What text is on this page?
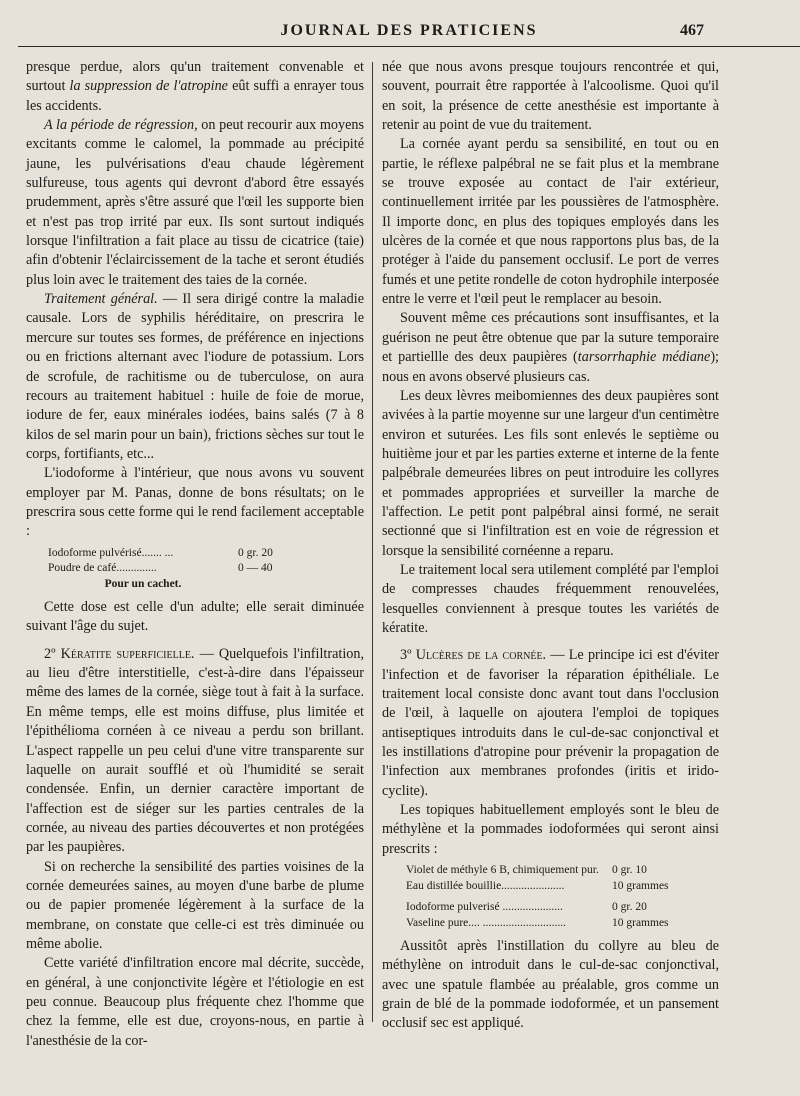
JOURNAL DES PRATICIENS	467

presque perdue, alors qu'un traitement convenable et surtout la suppression de l'atropine eût suffi a enrayer tous les accidents.

A la période de régression, on peut recourir aux moyens excitants comme le calomel, la pommade au précipité jaune, les pulvérisations d'eau chaude légèrement sulfureuse, tous agents qui devront d'abord être essayés prudemment, après s'être assuré que l'œil les supporte bien et n'est pas trop irrité par eux. Ils sont surtout indiqués lorsque l'infiltration a fait place au tissu de cicatrice (taie) afin d'obtenir l'éclaircissement de la tache et seront étudiés plus loin avec le traitement des taies de la cornée.

Traitement général. — Il sera dirigé contre la maladie causale. Lors de syphilis héréditaire, on prescrira le mercure sur toutes ses formes, de préférence en injections ou en frictions alternant avec l'iodure de potassium. Lors de scrofule, de rachitisme ou de tuberculose, on aura recours au traitement habituel : huile de foie de morue, iodure de fer, eaux minérales iodées, bains salés (7 à 8 kilos de sel marin pour un bain), frictions sèches sur tout le corps, fortifiants, etc...

L'iodoforme à l'intérieur, que nous avons vu souvent employer par M. Panas, donne de bons résultats; on le prescrira sous cette forme qui le rend facilement acceptable :

Iodoforme pulvérisé....... ...	0 gr. 20
Poudre de café..............	0 — 40
Pour un cachet.

Cette dose est celle d'un adulte; elle serait diminuée suivant l'âge du sujet.

2º Kératite superficielle. — Quelquefois l'infiltration, au lieu d'être interstitielle, c'est-à-dire dans l'épaisseur même des lames de la cornée, siège tout à fait à la surface. En même temps, elle est moins diffuse, plus limitée et l'épithélioma cornéen à ce niveau a perdu son brillant. L'aspect rappelle un peu celui d'une vitre transparente sur laquelle on aurait soufflé et où l'humidité se serait condensée. Enfin, un dernier caractère important de l'affection est de siéger sur les parties centrales de la cornée, au niveau des parties découvertes et non protégées par les paupières.

Si on recherche la sensibilité des parties voisines de la cornée demeurées saines, au moyen d'une barbe de plume ou de papier promenée légèrement à la surface de la membrane, on constate que celle-ci est très diminuée ou même abolie.

Cette variété d'infiltration encore mal décrite, succède, en général, à une conjonctivite légère et l'étiologie en est peu connue. Beaucoup plus fréquente chez l'homme que chez la femme, elle est due, croyons-nous, en partie à l'anesthésie de la cor-

née que nous avons presque toujours rencontrée et qui, souvent, pourrait être rapportée à l'alcoolisme. Quoi qu'il en soit, la présence de cette anesthésie est importante à retenir au point de vue du traitement.

La cornée ayant perdu sa sensibilité, en tout ou en partie, le réflexe palpébral ne se fait plus et la membrane se trouve exposée au contact de l'air extérieur, continuellement irritée par les poussières de l'atmosphère. Il importe donc, en plus des topiques employés dans les ulcères de la cornée et que nous rapportons plus bas, de la protéger à l'aide du pansement occlusif. Le port de verres fumés et une petite rondelle de coton hydrophile interposée entre le verre et l'œil peut le remplacer au besoin.

Souvent même ces précautions sont insuffisantes, et la guérison ne peut être obtenue que par la suture temporaire et partiellle des deux paupières (tarsorrhaphie médiane); nous en avons observé plusieurs cas.

Les deux lèvres meibomiennes des deux paupières sont avivées à la partie moyenne sur une largeur d'un centimètre environ et suturées. Les fils sont enlevés le septième ou huitième jour et par les parties externe et interne de la fente palpébrale demeurées libres on peut introduire les collyres et pommades appropriées et surveiller la marche de l'affection. Le petit pont palpébral ainsi formé, ne serait sectionné que si l'infiltration est en voie de régression et lorsque la sensibilité cornéenne a reparu.

Le traitement local sera utilement complété par l'emploi de compresses chaudes fréquemment renouvelées, lesquelles conviennent à presque toutes les variétés de kératite.

3º Ulcères de la cornée. — Le principe ici est d'éviter l'infection et de favoriser la réparation épithéliale. Le traitement local consiste donc avant tout dans l'occlusion de l'œil, à laquelle on ajoutera l'emploi de topiques antiseptiques introduits dans le cul-de-sac conjonctival et les instillations d'atropine pour prévenir la propagation de l'infection aux membranes profondes (iritis et irido-cyclite).

Les topiques habituellement employés sont le bleu de méthylène et la pommades iodoformées qui seront ainsi prescrits :

Violet de méthyle 6 B, chimiquement pur. 0 gr. 10
Eau distillée bouillie......................	10 grammes
Iodoforme pulverisé .....................	0 gr. 20
Vaseline pure.... .............................	10 grammes

Aussitôt après l'instillation du collyre au bleu de méthylène on introduit dans le cul-de-sac conjonctival, avec une spatule flambée au préalable, gros comme un grain de blé de la pommade iodoformée, et un pansement occlusif sec est appliqué.
